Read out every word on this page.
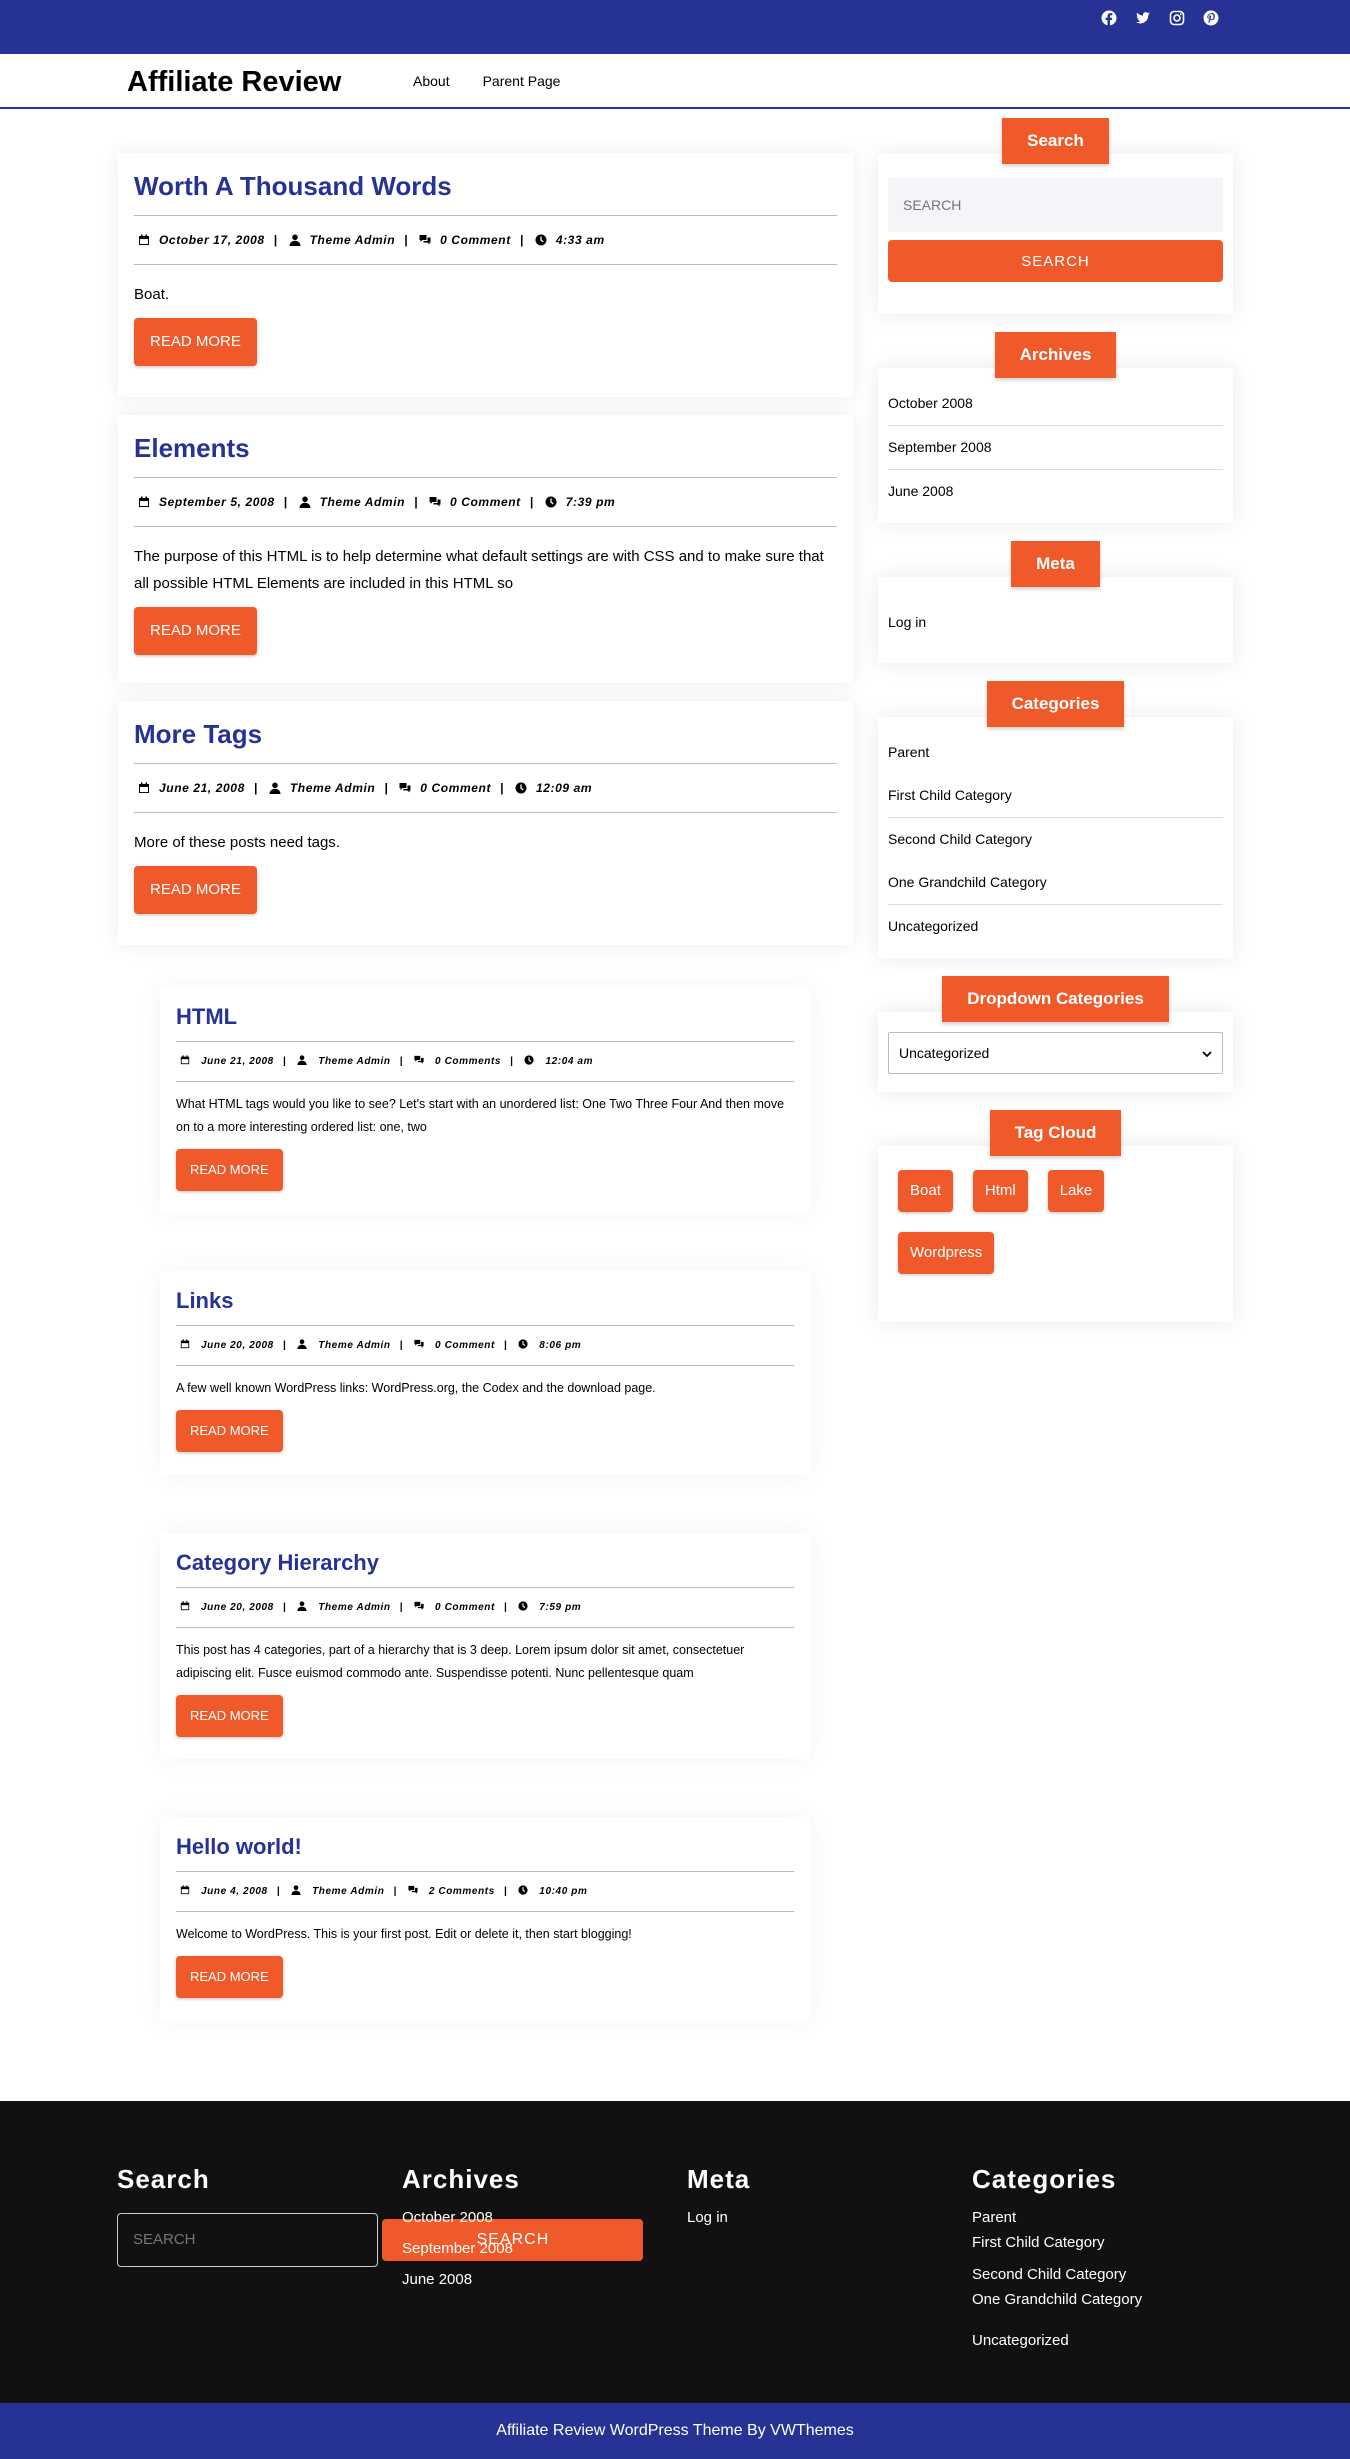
Affiliate Review	About Parent Page
Worth A Thousand Words
October 17, 2008 |	Theme Admin |	0 Comment |	4:33 am
Boat.
READ MORE
Elements
September 5, 2008 |	Theme Admin |	0 Comment |	7:39 pm
The purpose of this HTML is to help determine what default settings are with CSS and to make sure that all possible HTML Elements are included in this HTML so
READ MORE
More Tags
June 21, 2008 |	Theme Admin |	0 Comment |	12:09 am
More of these posts need tags.
READ MORE
HTML
June 21, 2008 |	Theme Admin |	0 Comments |	12:04 am
What HTML tags would you like to see? Let's start with an unordered list: One Two Three Four And then move on to a more interesting ordered list: one, two
READ MORE
Links
June 20, 2008 |	Theme Admin |	0 Comment |	8:06 pm
A few well known WordPress links: WordPress.org, the Codex and the download page.
READ MORE
Category Hierarchy
June 20, 2008 |	Theme Admin |	0 Comment |	7:59 pm
This post has 4 categories, part of a hierarchy that is 3 deep. Lorem ipsum dolor sit amet, consectetuer adipiscing elit. Fusce euismod commodo ante. Suspendisse potenti. Nunc pellentesque quam
READ MORE
Hello world!
June 4, 2008 |	Theme Admin |	2 Comments |	10:40 pm
Welcome to WordPress. This is your first post. Edit or delete it, then start blogging!
READ MORE
Search
SEARCH SEARCH
Archives
October 2008
September 2008
June 2008
Meta
Log in
Categories
Parent
First Child Category
Second Child Category
One Grandchild Category
Uncategorized
Dropdown Categories
Uncategorized
Tag Cloud
Boat	Html	Lake
Wordpress
Search
SEARCH SEARCH
Archives
October 2008
September 2008
June 2008
Meta
Log in
Categories
Parent
First Child Category
Second Child Category
One Grandchild Category
Uncategorized
Affiliate Review WordPress Theme By VWThemes
